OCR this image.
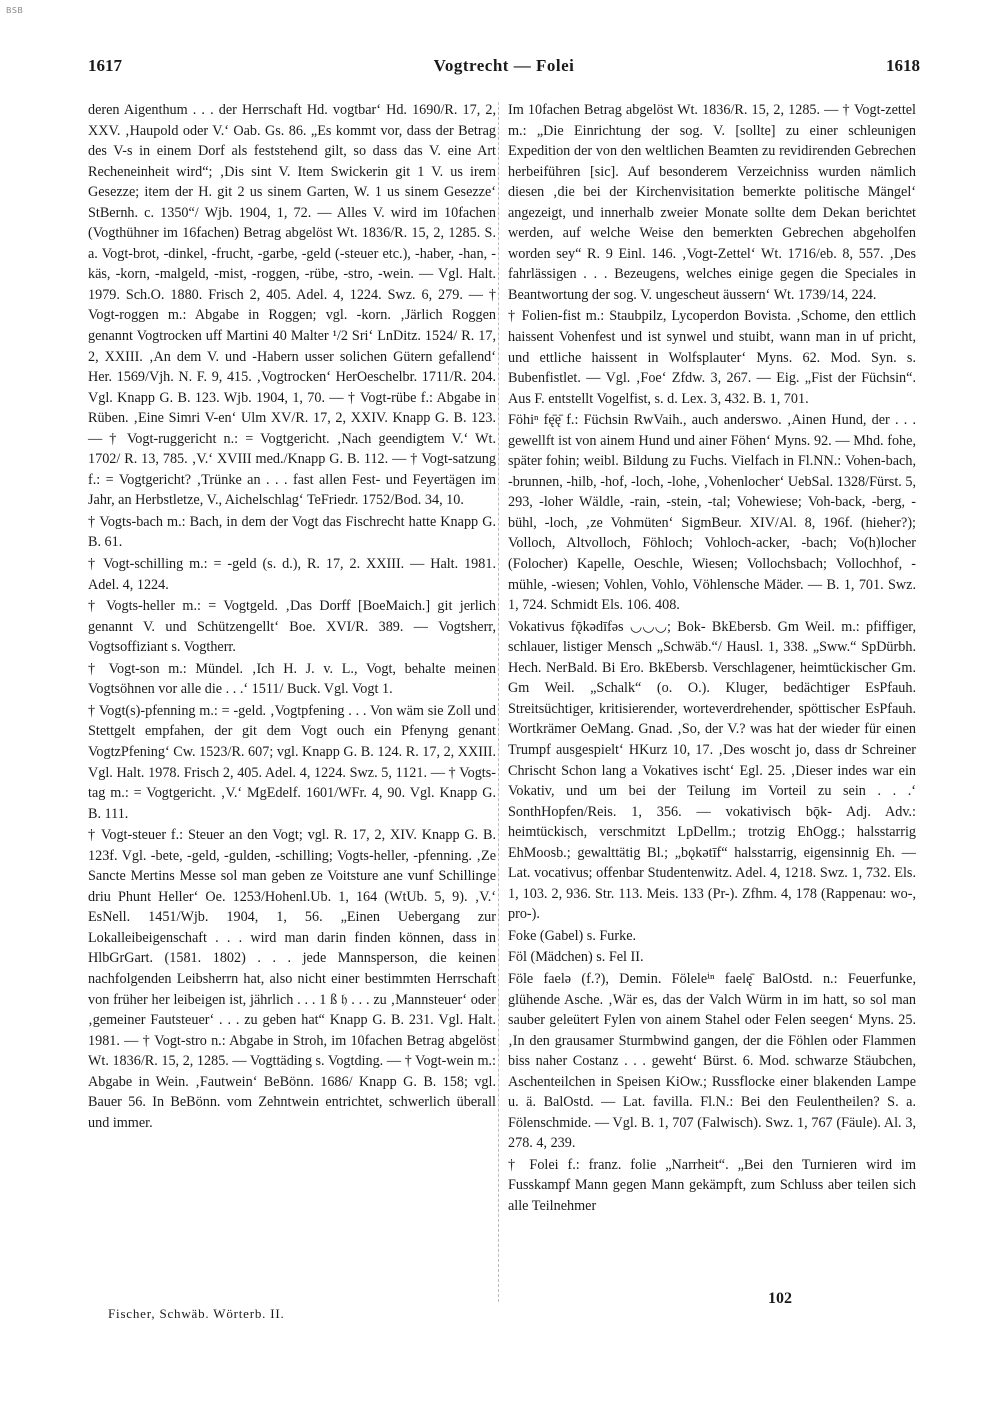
BSB
1617	Vogtrecht — Folei	1618

deren Aigenthum . . . der Herrschaft Hd. vogtbar‘ Hd. 1690/R. 17, 2, XXV. ‚Haupold oder V.‘ Oab. Gs. 86. „Es kommt vor, dass der Betrag des V-s in einem Dorf als feststehend gilt, so dass das V. eine Art Recheneinheit wird“; ‚Dis sint V. Item Swickerin git 1 V. us irem Gesezze; item der H. git 2 us sinem Garten, W. 1 us sinem Gesezze‘ StBernh. c. 1350“/ Wjb. 1904, 1, 72. — Alles V. wird im 10fachen (Vogthühner im 16fachen) Betrag abgelöst Wt. 1836/R. 15, 2, 1285. S. a. Vogt-brot, -dinkel, -frucht, -garbe, -geld (-steuer etc.), -haber, -han, -käs, -korn, -malgeld, -mist, -roggen, -rübe, -stro, -wein. — Vgl. Halt. 1979. Sch.O. 1880. Frisch 2, 405. Adel. 4, 1224. Swz. 6, 279. — † Vogt-roggen m.: Abgabe in Roggen; vgl. -korn. ‚Järlich Roggen genannt Vogtrocken uff Martini 40 Malter ¹/2 Sri‘ LnDitz. 1524/ R. 17, 2, XXIII. ‚An dem V. und -Habern usser solichen Gütern gefallend‘ Her. 1569/Vjh. N. F. 9, 415. ‚Vogtrocken‘ HerOeschelbr. 1711/R. 204. Vgl. Knapp G. B. 123. Wjb. 1904, 1, 70. — † Vogt-rübe f.: Abgabe in Rüben. ‚Eine Simri V-en‘ Ulm XV/R. 17, 2, XXIV. Knapp G. B. 123. — † Vogt-ruggericht n.: = Vogtgericht. ‚Nach geendigtem V.‘ Wt. 1702/ R. 13, 785. ‚V.‘ XVIII med./Knapp G. B. 112. — † Vogt-satzung f.: = Vogtgericht? ‚Trünke an . . . fast allen Fest- und Feyertägen im Jahr, an Herbstletze, V., Aichelschlag‘ TeFriedr. 1752/Bod. 34, 10.

† Vogts-bach m.: Bach, in dem der Vogt das Fischrecht hatte Knapp G. B. 61.

† Vogt-schilling m.: = -geld (s. d.), R. 17, 2. XXIII. — Halt. 1981. Adel. 4, 1224.

† Vogts-heller m.: = Vogtgeld. ‚Das Dorff [BoeMaich.] git jerlich genannt V. und Schützengellt‘ Boe. XVI/R. 389. — Vogtsherr, Vogtsoffiziant s. Vogtherr.

† Vogt-son m.: Mündel. ‚Ich H. J. v. L., Vogt, behalte meinen Vogtsöhnen vor alle die . . .‘ 1511/ Buck. Vgl. Vogt 1.

† Vogt(s)-pfenning m.: = -geld. ‚Vogtpfening . . . Von wäm sie Zoll und Stettgelt empfahen, der git dem Vogt ouch ein Pfenyng genant VogtzPfening‘ Cw. 1523/R. 607; vgl. Knapp G. B. 124. R. 17, 2, XXIII. Vgl. Halt. 1978. Frisch 2, 405. Adel. 4, 1224. Swz. 5, 1121. — † Vogts-tag m.: = Vogtgericht. ‚V.‘ MgEdelf. 1601/WFr. 4, 90. Vgl. Knapp G. B. 111.

† Vogt-steuer f.: Steuer an den Vogt; vgl. R. 17, 2, XIV. Knapp G. B. 123f. Vgl. -bete, -geld, -gulden, -schilling; Vogts-heller, -pfenning. ‚Ze Sancte Mertins Messe sol man geben ze Voitsture ane vunf Schillinge driu Phunt Heller‘ Oe. 1253/Hohenl.Ub. 1, 164 (WtUb. 5, 9). ‚V.‘ EsNell. 1451/Wjb. 1904, 1, 56. „Einen Uebergang zur Lokalleibeigenschaft . . . wird man darin finden können, dass in HlbGrGart. (1581. 1802) . . . jede Mannsperson, die keinen nachfolgenden Leibsherrn hat, also nicht einer bestimmten Herrschaft von früher her leibeigen ist, jährlich . . . 1 ß 𝔥 . . . zu ‚Mannsteuer‘ oder ‚gemeiner Fautsteuer‘ . . . zu geben hat“ Knapp G. B. 231. Vgl. Halt. 1981. — † Vogt-stro n.: Abgabe in Stroh, im 10fachen Betrag abgelöst Wt. 1836/R. 15, 2, 1285. — Vogttäding s. Vogtding. — † Vogt-wein m.: Abgabe in Wein. ‚Fautwein‘ BeBönn. 1686/ Knapp G. B. 158; vgl. Bauer 56. In BeBönn. vom Zehntwein entrichtet, schwerlich überall und immer.

Im 10fachen Betrag abgelöst Wt. 1836/R. 15, 2, 1285. — † Vogt-zettel m.: „Die Einrichtung der sog. V. [sollte] zu einer schleunigen Expedition der von den weltlichen Beamten zu revidirenden Gebrechen herbeiführen [sic]. Auf besonderem Verzeichniss wurden nämlich diesen ‚die bei der Kirchenvisitation bemerkte politische Mängel‘ angezeigt, und innerhalb zweier Monate sollte dem Dekan berichtet werden, auf welche Weise den bemerkten Gebrechen abgeholfen worden sey“ R. 9 Einl. 146. ‚Vogt-Zettel‘ Wt. 1716/eb. 8, 557. ‚Des fahrlässigen . . . Bezeugens, welches einige gegen die Speciales in Beantwortung der sog. V. ungescheut äussern‘ Wt. 1739/14, 224.

† Folien-fist m.: Staubpilz, Lycoperdon Bovista. ‚Schome, den ettlich haissent Vohenfest und ist synwel und stuibt, wann man in uf pricht, und ettliche haissent in Wolfsplauter‘ Myns. 62. Mod. Syn. s. Bubenfistlet. — Vgl. ‚Foe‘ Zfdw. 3, 267. — Eig. „Fist der Füchsin“. Aus F. entstellt Vogelfist, s. d. Lex. 3, 432. B. 1, 701.

Föhiⁿ fę̄ę̄ f.: Füchsin RwVaih., auch anderswo. ‚Ainen Hund, der . . . gewellft ist von ainem Hund und ainer Föhen‘ Myns. 92. — Mhd. fohe, später fohin; weibl. Bildung zu Fuchs. Vielfach in Fl.NN.: Vohen-bach, -brunnen, -hilb, -hof, -loch, -lohe, ‚Vohenlocher‘ UebSal. 1328/Fürst. 5, 293, -loher Wäldle, -rain, -stein, -tal; Vohewiese; Voh-back, -berg, -bühl, -loch, ‚ze Vohmüten‘ SigmBeur. XIV/Al. 8, 196f. (hieher?); Volloch, Altvolloch, Föhloch; Vohloch-acker, -bach; Vo(h)locher (Folocher) Kapelle, Oeschle, Wiesen; Vollochsbach; Vollochhof, -mühle, -wiesen; Vohlen, Vohlo, Vöhlensche Mäder. — B. 1, 701. Swz. 1, 724. Schmidt Els. 106. 408.

Vokativus fǭkǝdīfǝs ◡◡◡; Bok- BkEbersb. Gm Weil. m.: pfiffiger, schlauer, listiger Mensch „Schwäb.“/ Hausl. 1, 338. „Sww.“ SpDürbh. Hech. NerBald. Bi Ero. BkEbersb. Verschlagener, heimtückischer Gm. Gm Weil. „Schalk“ (o. O.). Kluger, bedächtiger EsPfauh. Streitsüchtiger, kritisierender, worteverdrehender, spöttischer EsPfauh. Wortkrämer OeMang. Gnad. ‚So, der V.? was hat der wieder für einen Trumpf ausgespielt‘ HKurz 10, 17. ‚Des woscht jo, dass dr Schreiner Chrischt Schon lang a Vokatives ischt‘ Egl. 25. ‚Dieser indes war ein Vokativ, und um bei der Teilung im Vorteil zu sein . . .‘ SonthHopfen/Reis. 1, 356. — vokativisch bǭk- Adj. Adv.: heimtückisch, verschmitzt LpDellm.; trotzig EhOgg.; halsstarrig EhMoosb.; gewalttätig Bl.; „bǫkǝtīf“ halsstarrig, eigensinnig Eh. — Lat. vocativus; offenbar Studentenwitz. Adel. 4, 1218. Swz. 1, 732. Els. 1, 103. 2, 936. Str. 113. Meis. 133 (Pr-). Zfhm. 4, 178 (Rappenau: wo-, pro-).

Foke (Gabel) s. Furke.

Föl (Mädchen) s. Fel II.

Föle faelǝ (f.?), Demin. Föleleⁱⁿ faelę̄ BalOstd. n.: Feuerfunke, glühende Asche. ‚Wär es, das der Valch Würm in im hatt, so sol man sauber geleütert Fylen von ainem Stahel oder Felen seegen‘ Myns. 25. ‚In den grausamer Sturmbwind gangen, der die Föhlen oder Flammen biss naher Costanz . . . geweht‘ Bürst. 6. Mod. schwarze Stäubchen, Aschenteilchen in Speisen KiOw.; Russflocke einer blakenden Lampe u. ä. BalOstd. — Lat. favilla. Fl.N.: Bei den Feulentheilen? S. a. Fölenschmide. — Vgl. B. 1, 707 (Falwisch). Swz. 1, 767 (Fäule). Al. 3, 278. 4, 239.

† Folei f.: franz. folie „Narrheit“. „Bei den Turnieren wird im Fusskampf Mann gegen Mann gekämpft, zum Schluss aber teilen sich alle Teilnehmer

Fischer, Schwäb. Wörterb. II.
102
